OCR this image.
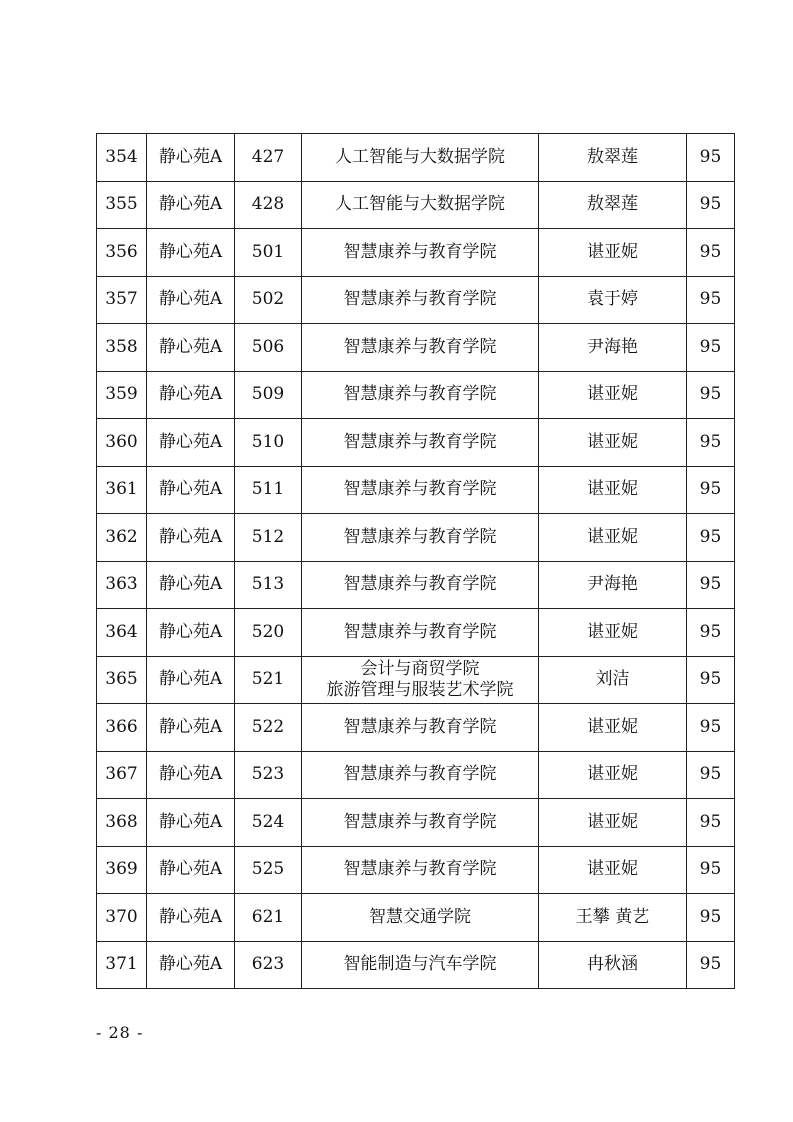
354	静心苑A	427	人工智能与大数据学院	敖翠莲	95
355	静心苑A	428	人工智能与大数据学院	敖翠莲	95
356	静心苑A	501	智慧康养与教育学院	谌亚妮	95
357	静心苑A	502	智慧康养与教育学院	袁于婷	95
358	静心苑A	506	智慧康养与教育学院	尹海艳	95
359	静心苑A	509	智慧康养与教育学院	谌亚妮	95
360	静心苑A	510	智慧康养与教育学院	谌亚妮	95
361	静心苑A	511	智慧康养与教育学院	谌亚妮	95
362	静心苑A	512	智慧康养与教育学院	谌亚妮	95
363	静心苑A	513	智慧康养与教育学院	尹海艳	95
364	静心苑A	520	智慧康养与教育学院	谌亚妮	95
365	静心苑A	521	会计与商贸学院
旅游管理与服装艺术学院	刘洁	95
366	静心苑A	522	智慧康养与教育学院	谌亚妮	95
367	静心苑A	523	智慧康养与教育学院	谌亚妮	95
368	静心苑A	524	智慧康养与教育学院	谌亚妮	95
369	静心苑A	525	智慧康养与教育学院	谌亚妮	95
370	静心苑A	621	智慧交通学院	王攀 黄艺	95
371	静心苑A	623	智能制造与汽车学院	冉秋涵	95
- 28 -
